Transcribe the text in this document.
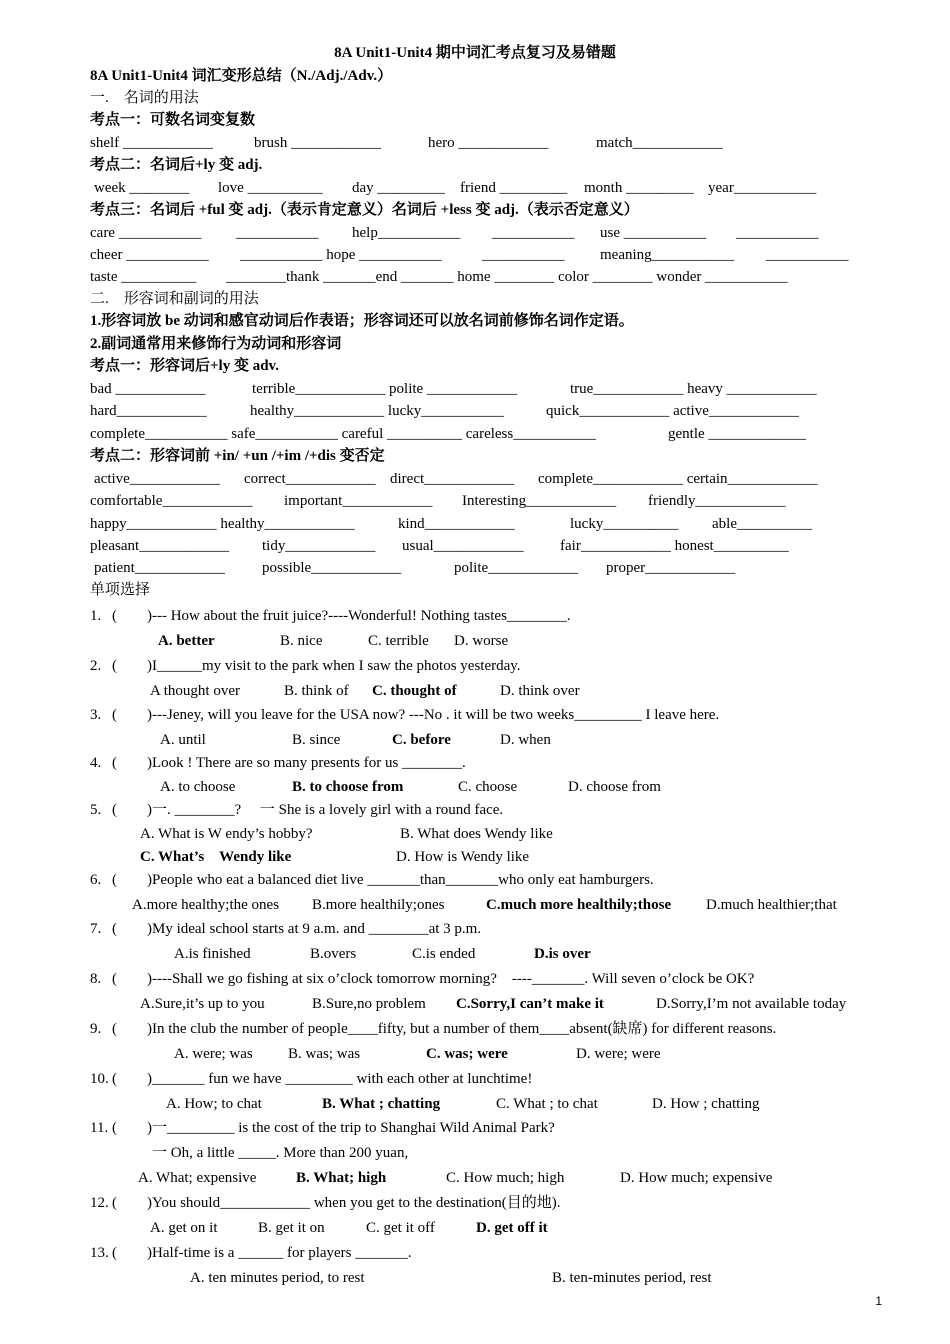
8A Unit1-Unit4 期中词汇考点复习及易错题
8A Unit1-Unit4 词汇变形总结（N./Adj./Adv.）
一.　名词的用法
考点一：可数名词变复数
shelf ____________	brush ____________	hero ____________	match____________
考点二：名词后+ly 变 adj.
week ________ love __________ day _________ friend _________ month _________ year___________
考点三：名词后 +ful 变 adj.（表示肯定意义）名词后 +less 变 adj.（表示否定意义）
care ___________ ___________ help___________ ___________ use ___________ ___________
cheer ___________ ___________ hope ___________	___________ meaning___________ ___________
taste __________ ________thank _______end _______ home ________ color ________ wonder ___________
二.　形容词和副词的用法
1.形容词放 be 动词和感官动词后作表语；形容词还可以放名词前修饰名词作定语。
2.副词通常用来修饰行为动词和形容词
考点一：形容词后+ly 变 adv.
bad ____________	terrible____________ polite ____________	true____________ heavy ____________
hard____________	healthy____________ lucky___________	quick____________ active____________
complete___________ safe___________ careful __________ careless___________	gentle _____________
考点二：形容词前 +in/ +un /+im /+dis 变否定
active____________ correct____________ direct____________ complete____________ certain____________
comfortable____________ important____________ Interesting____________ friendly____________
happy____________ healthy____________	kind____________	lucky__________ able__________
pleasant____________ tidy____________ usual____________ fair____________ honest__________
patient____________ possible____________	polite____________ proper____________
单项选择
1. (　　)--- How about the fruit juice?----Wonderful! Nothing tastes________.
A. better	B. nice	C. terrible D. worse
2. (　　)I______my visit to the park when I saw the photos yesterday.
A thought over	B. think of C. thought of	D. think over
3. (　　)---Jeney, will you leave for the USA now? ---No . it will be two weeks_________ I leave here.
A. until	B. since	C. before	D. when
4. (　　)Look ! There are so many presents for us ________.
A. to choose	B. to choose from	C. choose	D. choose from
5. (　　)一. ________?　 一 She is a lovely girl with a round face.
A. What is W endy’s hobby?	B. What does Wendy like
C. What’s　Wendy like	D. How is Wendy like
6. (　　)People who eat a balanced diet live _______than_______who only eat hamburgers.
A.more healthy;the ones B.more healthily;ones	C.much more healthily;those D.much healthier;that
7. (　　)My ideal school starts at 9 a.m. and ________at 3 p.m.
A.is finished	B.overs	C.is ended	D.is over
8. (　　)----Shall we go fishing at six o’clock tomorrow morning?　----_______. Will seven o’clock be OK?
A.Sure,it’s up to you	B.Sure,no problem C.Sorry,I can’t make it	D.Sorry,I’m not available today
9. (　　)In the club the number of people____fifty, but a number of them____absent(缺席) for different reasons.
A. were; was B. was; was	C. was; were	D. were; were
10. (　　)_______ fun we have _________ with each other at lunchtime!
A. How; to chat	B. What ; chatting	C. What ; to chat	D. How ; chatting
11. (　　)一_________ is the cost of the trip to Shanghai Wild Animal Park?
一 Oh, a little _____. More than 200 yuan,
A. What; expensive	B. What; high	C. How much; high	D. How much; expensive
12. (　　)You should____________ when you get to the destination(目的地).
A. get on it	B. get it on	C. get it off	D. get off it
13. (　　)Half-time is a ______ for players _______.
A. ten minutes period, to rest	B. ten-minutes period, rest
1
